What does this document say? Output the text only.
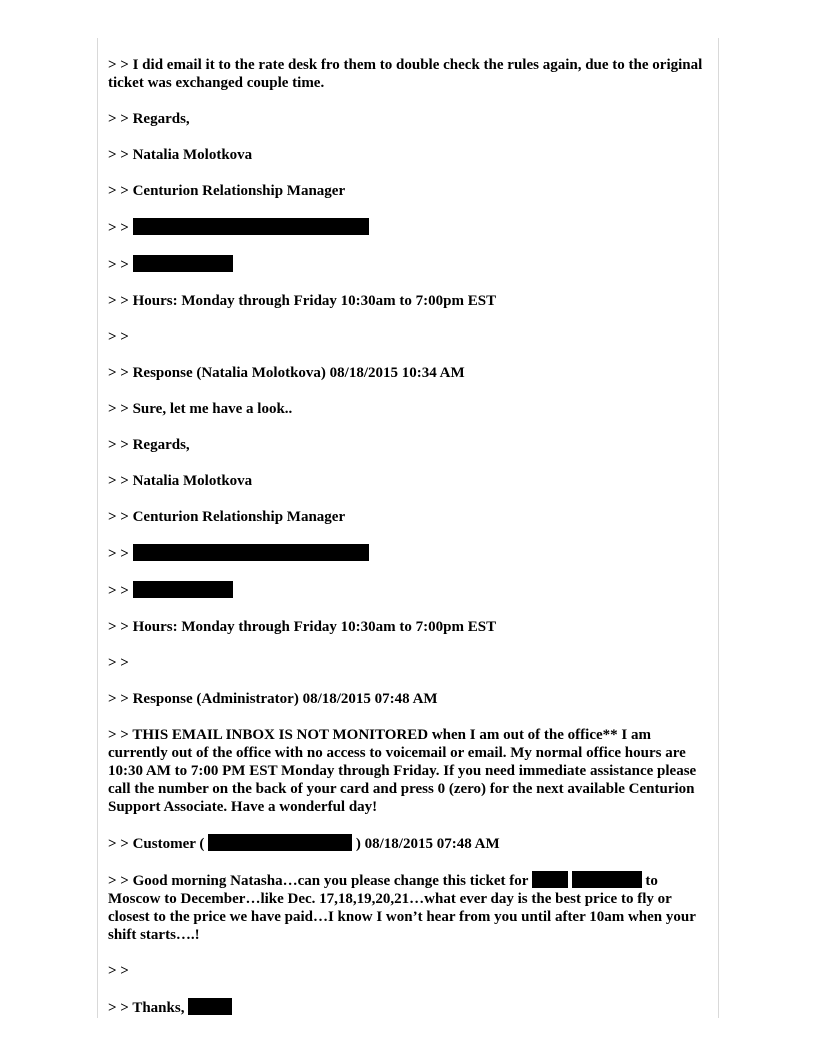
> > I did email it to the rate desk fro them to double check the rules again, due to the original ticket was exchanged couple time.

> > Regards,

> > Natalia Molotkova

> > Centurion Relationship Manager

> >

> >

> > Hours: Monday through Friday 10:30am to 7:00pm EST

> >

> > Response (Natalia Molotkova) 08/18/2015 10:34 AM

> > Sure, let me have a look..

> > Regards,

> > Natalia Molotkova

> > Centurion Relationship Manager

> >

> >

> > Hours: Monday through Friday 10:30am to 7:00pm EST

> >

> > Response (Administrator) 08/18/2015 07:48 AM

> > THIS EMAIL INBOX IS NOT MONITORED when I am out of the office** I am currently out of the office with no access to voicemail or email. My normal office hours are 10:30 AM to 7:00 PM EST Monday through Friday. If you need immediate assistance please call the number on the back of your card and press 0 (zero) for the next available Centurion Support Associate. Have a wonderful day!

> > Customer (	) 08/18/2015 07:48 AM

> > Good morning Natasha…can you please change this ticket for	to Moscow to December…like Dec. 17,18,19,20,21…what ever day is the best price to fly or closest to the price we have paid…I know I won’t hear from you until after 10am when your shift starts….!

> >

> > Thanks,
